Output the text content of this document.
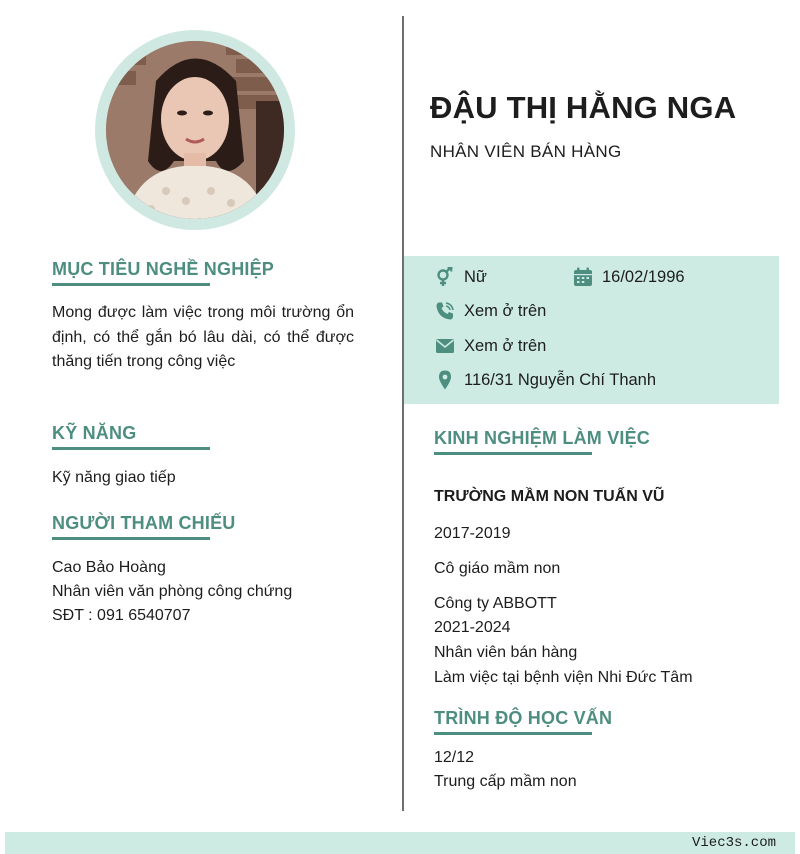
MỤC TIÊU NGHỀ NGHIỆP
Mong được làm việc trong môi trường ổn định, có thể gắn bó lâu dài, có thể được thăng tiến trong công việc
KỸ NĂNG
Kỹ năng giao tiếp
NGƯỜI THAM CHIẾU
Cao Bảo Hoàng
Nhân viên văn phòng công chứng
SĐT : 091 6540707
ĐẬU THỊ HẰNG NGA
NHÂN VIÊN BÁN HÀNG
Nữ	16/02/1996
Xem ở trên
Xem ở trên
116/31 Nguyễn Chí Thanh
KINH NGHIỆM LÀM VIỆC
TRƯỜNG MẦM NON TUẤN VŨ
2017-2019
Cô giáo mầm non
Công ty ABBOTT
2021-2024
Nhân viên bán hàng
Làm việc tại bệnh viện Nhi Đức Tâm
TRÌNH ĐỘ HỌC VẤN
12/12
Trung cấp mầm non
Viec3s.com
